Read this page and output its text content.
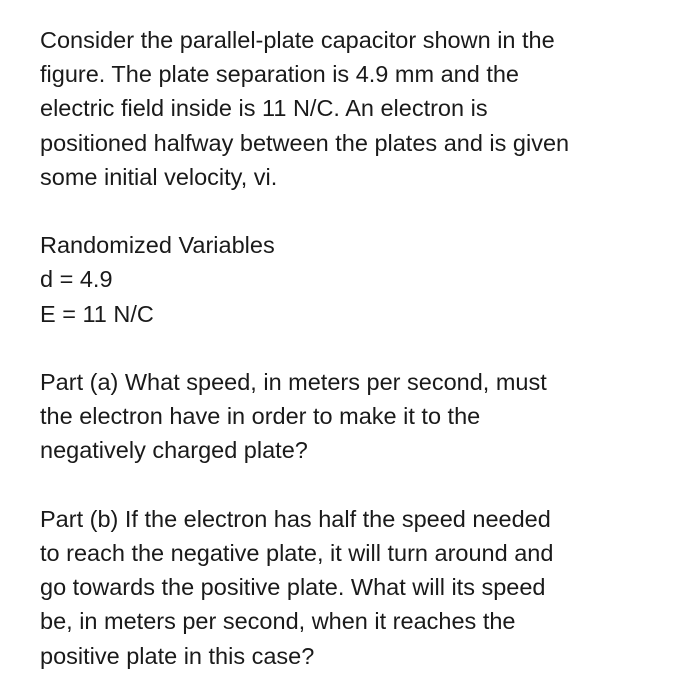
Consider the parallel-plate capacitor shown in the
figure. The plate separation is 4.9 mm and the
electric field inside is 11 N/C. An electron is
positioned halfway between the plates and is given
some initial velocity, vi.

Randomized Variables
d = 4.9
E = 11 N/C

Part (a) What speed, in meters per second, must
the electron have in order to make it to the
negatively charged plate?

Part (b) If the electron has half the speed needed
to reach the negative plate, it will turn around and
go towards the positive plate. What will its speed
be, in meters per second, when it reaches the
positive plate in this case?
